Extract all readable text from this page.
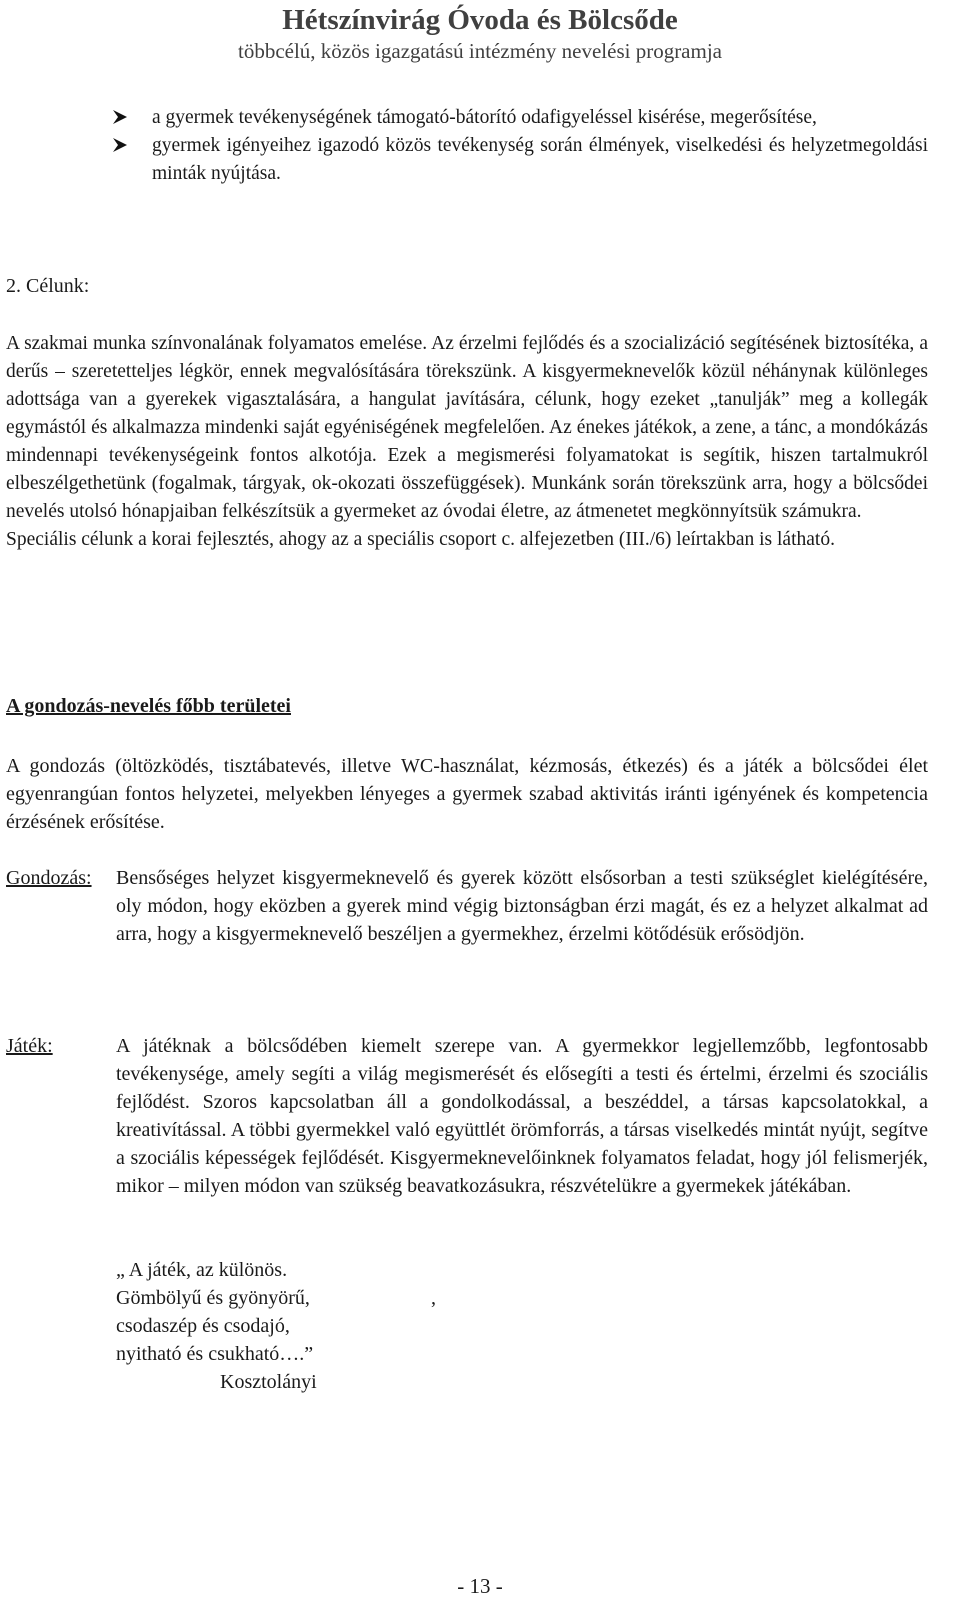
Hétszínvirág Óvoda és Bölcsőde
többcélú, közös igazgatású intézmény nevelési programja
a gyermek tevékenységének támogató-bátorító odafigyeléssel kisérése, megerősítése,
gyermek igényeihez igazodó közös tevékenység során élmények, viselkedési és helyzetmegoldási minták nyújtása.
2. Célunk:

A szakmai munka színvonalának folyamatos emelése. Az érzelmi fejlődés és a szocializáció segítésének biztosítéka, a derűs – szeretetteljes légkör, ennek megvalósítására törekszünk. A kisgyermeknevelők közül néhánynak különleges adottsága van a gyerekek vigasztalására, a hangulat javítására, célunk, hogy ezeket „tanulják” meg a kollegák egymástól és alkalmazza mindenki saját egyéniségének megfelelően. Az énekes játékok, a zene, a tánc, a mondókázás mindennapi tevékenységeink fontos alkotója. Ezek a megismerési folyamatokat is segítik, hiszen tartalmukról elbeszélgethetünk (fogalmak, tárgyak, ok-okozati összefüggések). Munkánk során törekszünk arra, hogy a bölcsődei nevelés utolsó hónapjaiban felkészítsük a gyermeket az óvodai életre, az átmenetet megkönnyítsük számukra.

Speciális célunk a korai fejlesztés, ahogy az a speciális csoport c. alfejezetben (III./6) leírtakban is látható.

A gondozás-nevelés főbb területei

A gondozás (öltözködés, tisztábatevés, illetve WC-használat, kézmosás, étkezés) és a játék a bölcsődei élet egyenrangúan fontos helyzetei, melyekben lényeges a gyermek szabad aktivitás iránti igényének és kompetencia érzésének erősítése.

Gondozás: Bensőséges helyzet kisgyermeknevelő és gyerek között elsősorban a testi szükséglet kielégítésére, oly módon, hogy eközben a gyerek mind végig biztonságban érzi magát, és ez a helyzet alkalmat ad arra, hogy a kisgyermeknevelő beszéljen a gyermekhez, érzelmi kötődésük erősödjön.
Játék:	A játéknak a bölcsődében kiemelt szerepe van. A gyermekkor legjellemzőbb, legfontosabb tevékenysége, amely segíti a világ megismerését és elősegíti a testi és értelmi, érzelmi és szociális fejlődést. Szoros kapcsolatban áll a gondolkodással, a beszéddel, a társas kapcsolatokkal, a kreativítással. A többi gyermekkel való együttlét örömforrás, a társas viselkedés mintát nyújt, segítve a szociális képességek fejlődését. Kisgyermeknevelőinknek folyamatos feladat, hogy jól felismerjék, mikor – milyen módon van szükség beavatkozásukra, részvételükre a gyermekek játékában.
„ A játék, az különös.
Gömbölyű és gyönyörű,
csodaszép és csodajó,
,
nyitható és csukható….”
Kosztolányi
- 13 -
